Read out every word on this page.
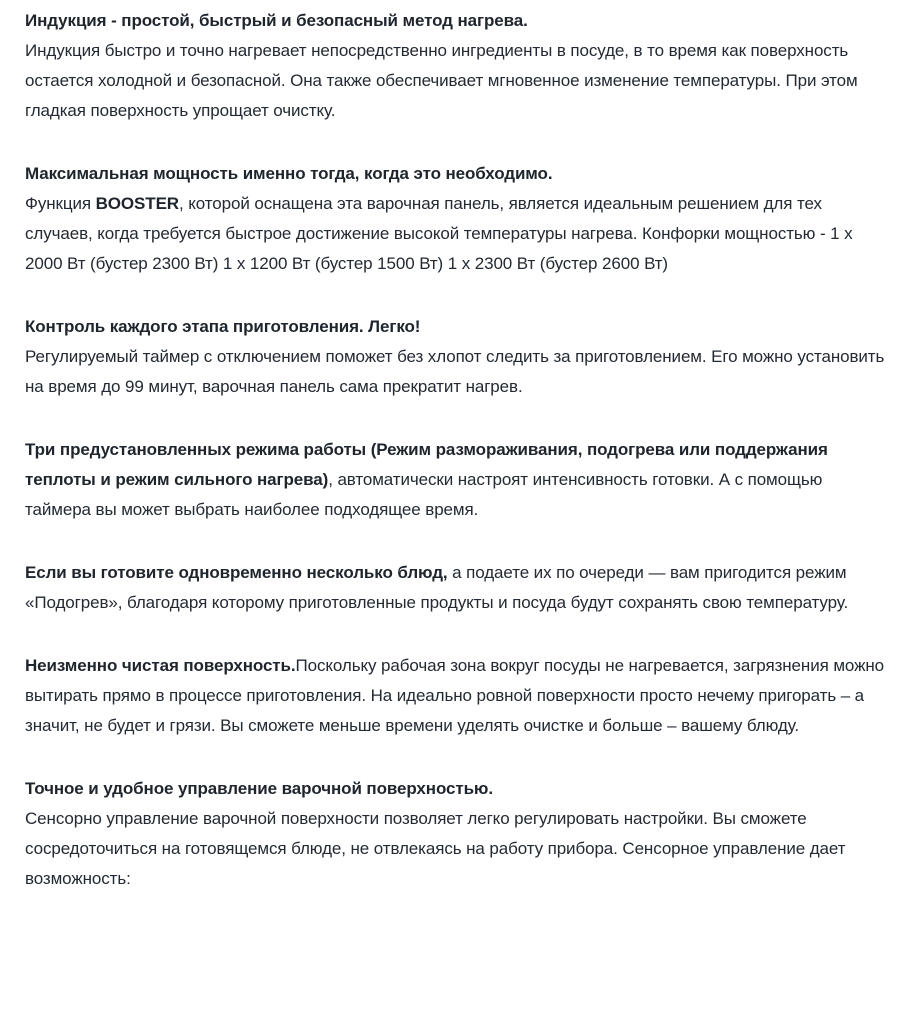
Индукция - простой, быстрый и безопасный метод нагрева.

Индукция быстро и точно нагревает непосредственно ингредиенты в посуде, в то время как поверхность остается холодной и безопасной. Она также обеспечивает мгновенное изменение температуры. При этом гладкая поверхность упрощает очистку.

Максимальная мощность именно тогда, когда это необходимо.

Функция BOOSTER, которой оснащена эта варочная панель, является идеальным решением для тех случаев, когда требуется быстрое достижение высокой температуры нагрева. Конфорки мощностью - 1 x 2000 Вт (бустер 2300 Вт) 1 x 1200 Вт (бустер 1500 Вт) 1 x 2300 Вт (бустер 2600 Вт)

Контроль каждого этапа приготовления. Легко!

Регулируемый таймер с отключением поможет без хлопот следить за приготовлением. Его можно установить на время до 99 минут, варочная панель сама прекратит нагрев.

Три предустановленных режима работы (Режим размораживания, подогрева или поддержания теплоты и режим сильного нагрева), автоматически настроят интенсивность готовки. А с помощью таймера вы может выбрать наиболее подходящее время.

Если вы готовите одновременно несколько блюд, а подаете их по очереди — вам пригодится режим «Подогрев», благодаря которому приготовленные продукты и посуда будут сохранять свою температуру.

Неизменно чистая поверхность.Поскольку рабочая зона вокруг посуды не нагревается, загрязнения можно вытирать прямо в процессе приготовления. На идеально ровной поверхности просто нечему пригорать – а значит, не будет и грязи. Вы сможете меньше времени уделять очистке и больше – вашему блюду.

Точное и удобное управление варочной поверхностью.

Сенсорно управление варочной поверхности позволяет легко регулировать настройки. Вы сможете сосредоточиться на готовящемся блюде, не отвлекаясь на работу прибора. Сенсорное управление дает возможность:
